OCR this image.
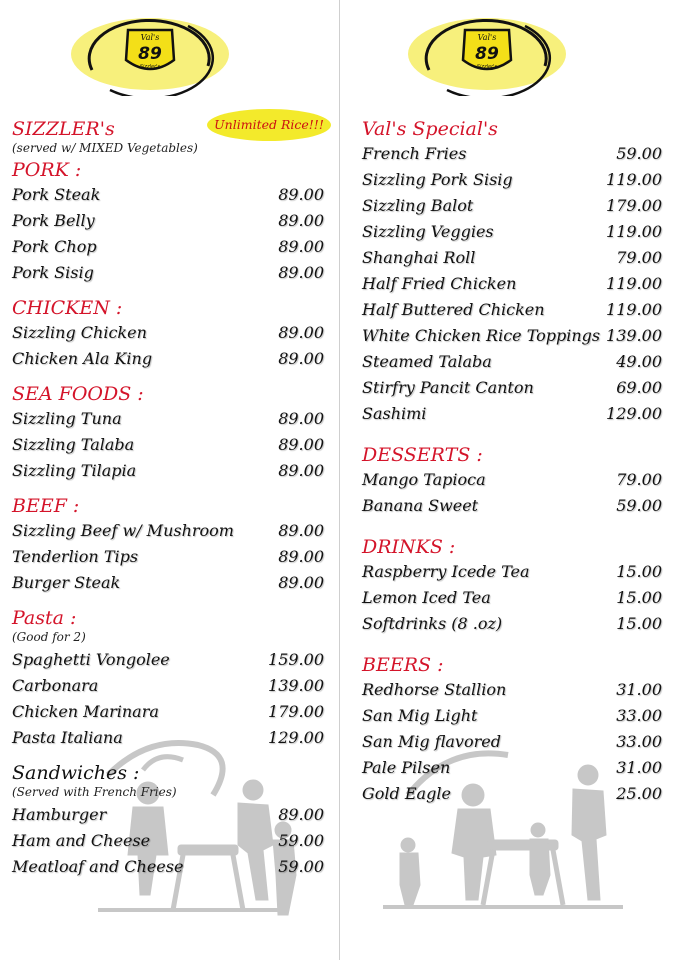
Val's
89
Sizzler's
Unlimited Rice!!!

SIZZLER's

(served w/ MIXED Vegetables)

PORK :

Pork Steak	89.00
Pork Belly	89.00
Pork Chop	89.00
Pork Sisig	89.00

CHICKEN :

Sizzling Chicken	89.00
Chicken Ala King	89.00

SEA FOODS :

Sizzling Tuna	89.00
Sizzling Talaba	89.00
Sizzling Tilapia	89.00

BEEF :

Sizzling Beef w/ Mushroom	89.00
Tenderlion Tips	89.00
Burger Steak	89.00

Pasta :

(Good for 2)

Spaghetti Vongolee	159.00
Carbonara	139.00
Chicken Marinara	179.00
Pasta Italiana	129.00

Sandwiches :

(Served with French Fries)

Hamburger	89.00
Ham and Cheese	59.00
Meatloaf and Cheese	59.00
Val's
89
Sizzler's

Val's Special's

French Fries	59.00
Sizzling Pork Sisig	119.00
Sizzling Balot	179.00
Sizzling Veggies	119.00
Shanghai Roll	79.00
Half Fried Chicken	119.00
Half Buttered Chicken	119.00
White Chicken Rice Toppings 139.00
Steamed Talaba	49.00
Stirfry Pancit Canton	69.00
Sashimi	129.00

DESSERTS :

Mango Tapioca	79.00
Banana Sweet	59.00

DRINKS :

Raspberry Icede Tea	15.00
Lemon Iced Tea	15.00
Softdrinks (8 .oz)	15.00

BEERS :

Redhorse Stallion	31.00
San Mig Light	33.00
San Mig flavored	33.00
Pale Pilsen	31.00
Gold Eagle	25.00
